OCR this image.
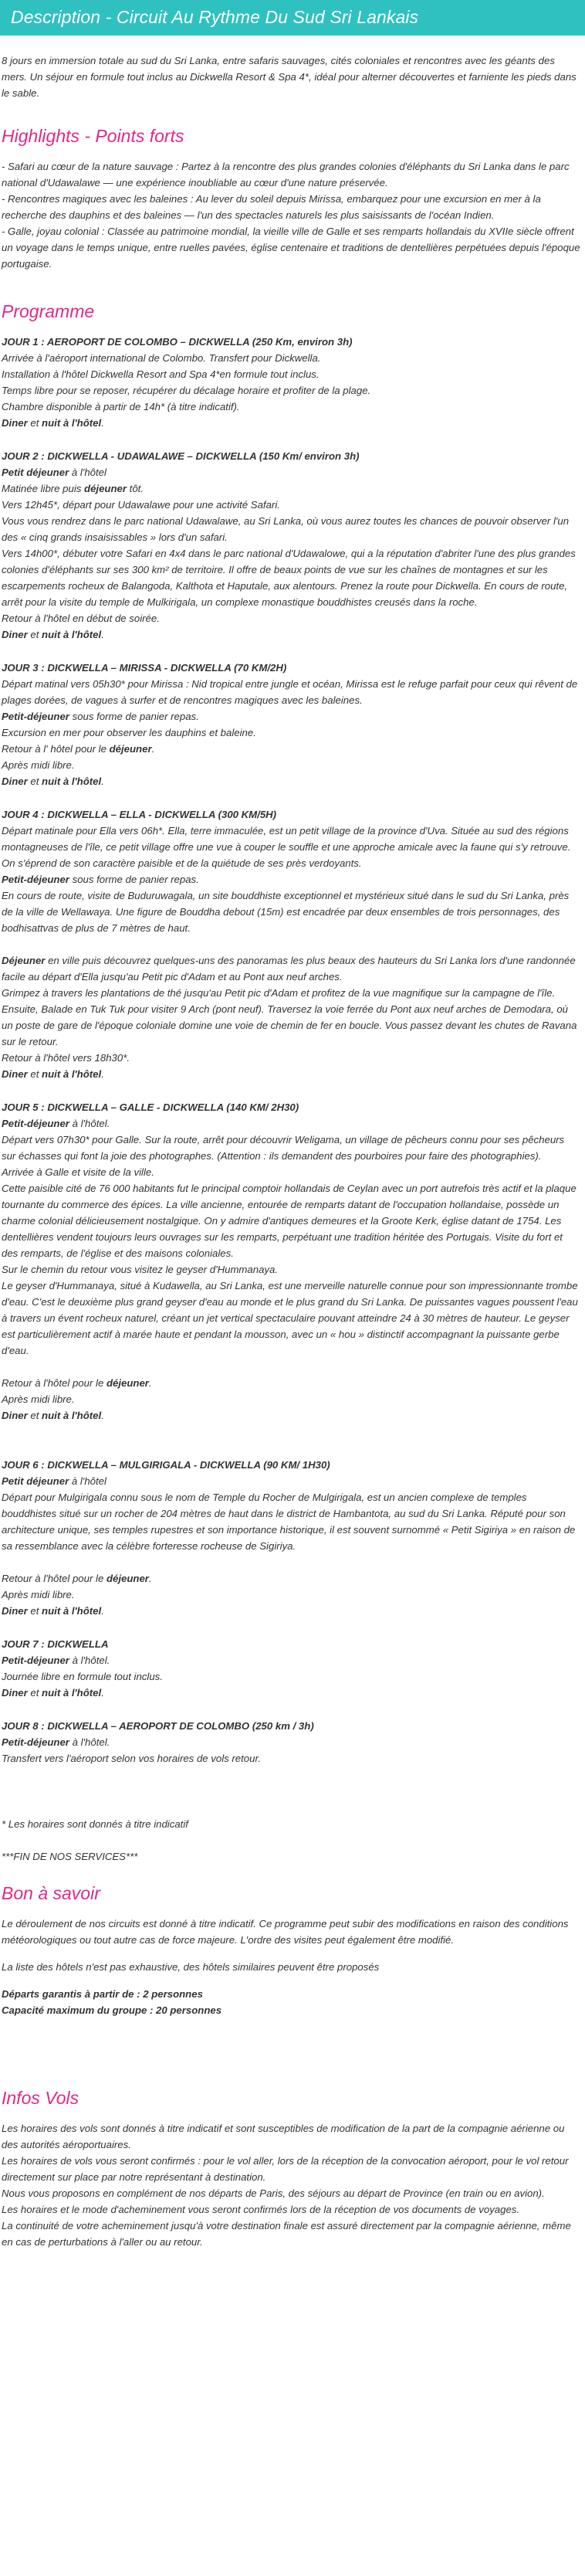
Description - Circuit Au Rythme Du Sud Sri Lankais

8 jours en immersion totale au sud du Sri Lanka, entre safaris sauvages, cités coloniales et rencontres avec les géants des mers. Un séjour en formule tout inclus au Dickwella Resort & Spa 4*, idéal pour alterner découvertes et farniente les pieds dans le sable.

Highlights - Points forts
- Safari au cœur de la nature sauvage : Partez à la rencontre des plus grandes colonies d'éléphants du Sri Lanka dans le parc national d'Udawalawe — une expérience inoubliable au cœur d'une nature préservée.
- Rencontres magiques avec les baleines : Au lever du soleil depuis Mirissa, embarquez pour une excursion en mer à la recherche des dauphins et des baleines — l'un des spectacles naturels les plus saisissants de l'océan Indien.
- Galle, joyau colonial : Classée au patrimoine mondial, la vieille ville de Galle et ses remparts hollandais du XVIIe siècle offrent un voyage dans le temps unique, entre ruelles pavées, église centenaire et traditions de dentellières perpétuées depuis l'époque portugaise.
Programme
JOUR 1 : AEROPORT DE COLOMBO – DICKWELLA (250 Km, environ 3h)
Arrivée à l'aéroport international de Colombo. Transfert pour Dickwella.
Installation à l'hôtel Dickwella Resort and Spa 4*en formule tout inclus.
Temps libre pour se reposer, récupérer du décalage horaire et profiter de la plage.
Chambre disponible à partir de 14h* (à titre indicatif).
Diner et nuit à l'hôtel.
JOUR 2 : DICKWELLA - UDAWALAWE – DICKWELLA (150 Km/ environ 3h)
Petit déjeuner à l'hôtel
Matinée libre puis déjeuner tôt.
Vers 12h45*, départ pour Udawalawe pour une activité Safari.
Vous vous rendrez dans le parc national Udawalawe, au Sri Lanka, où vous aurez toutes les chances de pouvoir observer l'un des « cinq grands insaisissables » lors d'un safari.
Vers 14h00*, débuter votre Safari en 4x4 dans le parc national d'Udawalowe, qui a la réputation d'abriter l'une des plus grandes colonies d'éléphants sur ses 300 km² de territoire. Il offre de beaux points de vue sur les chaînes de montagnes et sur les escarpements rocheux de Balangoda, Kalthota et Haputale, aux alentours. Prenez la route pour Dickwella. En cours de route, arrêt pour la visite du temple de Mulkirigala, un complexe monastique bouddhistes creusés dans la roche.
Retour à l'hôtel en début de soirée.
Diner et nuit à l'hôtel.
JOUR 3 : DICKWELLA – MIRISSA - DICKWELLA (70 KM/2H)
Départ matinal vers 05h30* pour Mirissa : Nid tropical entre jungle et océan, Mirissa est le refuge parfait pour ceux qui rêvent de plages dorées, de vagues à surfer et de rencontres magiques avec les baleines.
Petit-déjeuner sous forme de panier repas.
Excursion en mer pour observer les dauphins et baleine.
Retour à l' hôtel pour le déjeuner.
Après midi libre.
Diner et nuit à l'hôtel.
JOUR 4 : DICKWELLA – ELLA - DICKWELLA (300 KM/5H)
Départ matinale pour Ella vers 06h*. Ella, terre immaculée, est un petit village de la province d'Uva. Située au sud des régions montagneuses de l'île, ce petit village offre une vue à couper le souffle et une approche amicale avec la faune qui s'y retrouve. On s'éprend de son caractère paisible et de la quiétude de ses près verdoyants.
Petit-déjeuner sous forme de panier repas.
En cours de route, visite de Buduruwagala, un site bouddhiste exceptionnel et mystérieux situé dans le sud du Sri Lanka, près de la ville de Wellawaya. Une figure de Bouddha debout (15m) est encadrée par deux ensembles de trois personnages, des bodhisattvas de plus de 7 mètres de haut.
Déjeuner en ville puis découvrez quelques-uns des panoramas les plus beaux des hauteurs du Sri Lanka lors d'une randonnée facile au départ d'Ella jusqu'au Petit pic d'Adam et au Pont aux neuf arches.
Grimpez à travers les plantations de thé jusqu'au Petit pic d'Adam et profitez de la vue magnifique sur la campagne de l'île.
Ensuite, Balade en Tuk Tuk pour visiter 9 Arch (pont neuf). Traversez la voie ferrée du Pont aux neuf arches de Demodara, où un poste de gare de l'époque coloniale domine une voie de chemin de fer en boucle. Vous passez devant les chutes de Ravana sur le retour.
Retour à l'hôtel vers 18h30*.
Diner et nuit à l'hôtel.
JOUR 5 : DICKWELLA – GALLE - DICKWELLA (140 KM/ 2H30)
Petit-déjeuner à l'hôtel.
Départ vers 07h30* pour Galle. Sur la route, arrêt pour découvrir Weligama, un village de pêcheurs connu pour ses pêcheurs sur échasses qui font la joie des photographes. (Attention : ils demandent des pourboires pour faire des photographies).
Arrivée à Galle et visite de la ville.
Cette paisible cité de 76 000 habitants fut le principal comptoir hollandais de Ceylan avec un port autrefois très actif et la plaque tournante du commerce des épices. La ville ancienne, entourée de remparts datant de l'occupation hollandaise, possède un charme colonial délicieusement nostalgique. On y admire d'antiques demeures et la Groote Kerk, église datant de 1754. Les dentellières vendent toujours leurs ouvrages sur les remparts, perpétuant une tradition héritée des Portugais. Visite du fort et des remparts, de l'église et des maisons coloniales.
Sur le chemin du retour vous visitez le geyser d'Hummanaya.
Le geyser d'Hummanaya, situé à Kudawella, au Sri Lanka, est une merveille naturelle connue pour son impressionnante trombe d'eau. C'est le deuxième plus grand geyser d'eau au monde et le plus grand du Sri Lanka. De puissantes vagues poussent l'eau à travers un évent rocheux naturel, créant un jet vertical spectaculaire pouvant atteindre 24 à 30 mètres de hauteur. Le geyser est particulièrement actif à marée haute et pendant la mousson, avec un « hou » distinctif accompagnant la puissante gerbe d'eau.
Retour à l'hôtel pour le déjeuner.
Après midi libre.
Diner et nuit à l'hôtel.
JOUR 6 : DICKWELLA – MULGIRIGALA - DICKWELLA (90 KM/ 1H30)
Petit déjeuner à l'hôtel
Départ pour Mulgirigala connu sous le nom de Temple du Rocher de Mulgirigala, est un ancien complexe de temples bouddhistes situé sur un rocher de 204 mètres de haut dans le district de Hambantota, au sud du Sri Lanka. Réputé pour son architecture unique, ses temples rupestres et son importance historique, il est souvent surnommé « Petit Sigiriya » en raison de sa ressemblance avec la célèbre forteresse rocheuse de Sigiriya.
Retour à l'hôtel pour le déjeuner.
Après midi libre.
Diner et nuit à l'hôtel.
JOUR 7 : DICKWELLA
Petit-déjeuner à l'hôtel.
Journée libre en formule tout inclus.
Diner et nuit à l'hôtel.
JOUR 8 : DICKWELLA – AEROPORT DE COLOMBO (250 km / 3h)
Petit-déjeuner à l'hôtel.
Transfert vers l'aéroport selon vos horaires de vols retour.
* Les horaires sont donnés à titre indicatif
***FIN DE NOS SERVICES***
Bon à savoir

Le déroulement de nos circuits est donné à titre indicatif. Ce programme peut subir des modifications en raison des conditions météorologiques ou tout autre cas de force majeure. L'ordre des visites peut également être modifié.

La liste des hôtels n'est pas exhaustive, des hôtels similaires peuvent être proposés

Départs garantis à partir de : 2 personnes
Capacité maximum du groupe : 20 personnes
Infos Vols
Les horaires des vols sont donnés à titre indicatif et sont susceptibles de modification de la part de la compagnie aérienne ou des autorités aéroportuaires.
Les horaires de vols vous seront confirmés : pour le vol aller, lors de la réception de la convocation aéroport, pour le vol retour directement sur place par notre représentant à destination.
Nous vous proposons en complément de nos départs de Paris, des séjours au départ de Province (en train ou en avion).
Les horaires et le mode d'acheminement vous seront confirmés lors de la réception de vos documents de voyages.
La continuité de votre acheminement jusqu'à votre destination finale est assuré directement par la compagnie aérienne, même en cas de perturbations à l'aller ou au retour.
